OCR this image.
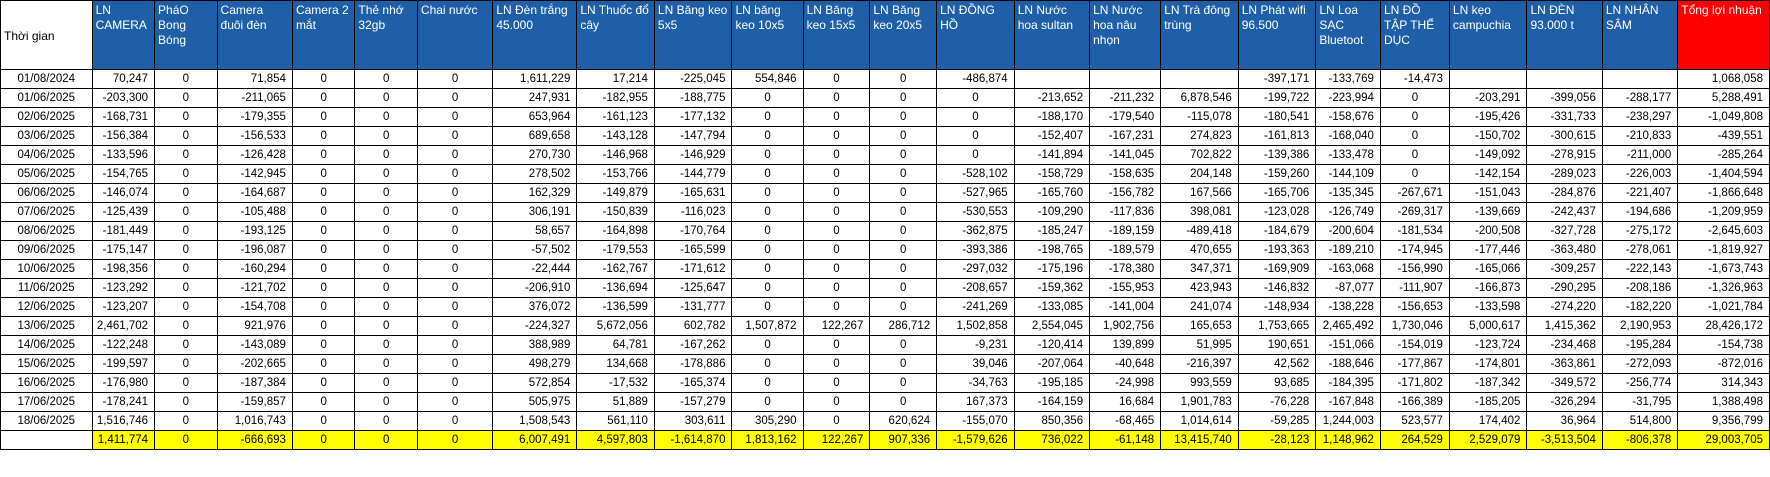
Thời gian	LN CAMERA	PháO Bong Bóng	Camera đuôi đèn	Camera 2 mắt	Thẻ nhớ 32gb	Chai nước	LN Đèn trắng 45.000	LN Thuốc đổ cây	LN Băng keo 5x5	LN băng keo 10x5	LN Băng keo 15x5	LN Băng keo 20x5	LN ĐỒNG HỒ	LN Nước hoa sultan	LN Nước hoa nâu nhọn	LN Trà đông trùng	LN Phát wifi 96.500	LN Loa SẠC Bluetoot	LN ĐỒ TẬP THỂ DỤC	LN kẹo campuchia	LN ĐÈN 93.000 t	LN NHÂN SÂM	Tổng lợi nhuận
01/08/2024	70,247	0	71,854	0	0	0	1,611,229	17,214	-225,045	554,846	0	0	-486,874				-397,171	-133,769	-14,473				1,068,058
01/06/2025	-203,300	0	-211,065	0	0	0	247,931	-182,955	-188,775	0	0	0	0	-213,652	-211,232	6,878,546	-199,722	-223,994	0	-203,291	-399,056	-288,177	5,288,491
02/06/2025	-168,731	0	-179,355	0	0	0	653,964	-161,123	-177,132	0	0	0	0	-188,170	-179,540	-115,078	-180,541	-158,676	0	-195,426	-331,733	-238,297	-1,049,808
03/06/2025	-156,384	0	-156,533	0	0	0	689,658	-143,128	-147,794	0	0	0	0	-152,407	-167,231	274,823	-161,813	-168,040	0	-150,702	-300,615	-210,833	-439,551
04/06/2025	-133,596	0	-126,428	0	0	0	270,730	-146,968	-146,929	0	0	0	0	-141,894	-141,045	702,822	-139,386	-133,478	0	-149,092	-278,915	-211,000	-285,264
05/06/2025	-154,765	0	-142,945	0	0	0	278,502	-153,766	-144,779	0	0	0	-528,102	-158,729	-158,635	204,148	-159,260	-144,109	0	-142,154	-289,023	-226,003	-1,404,594
06/06/2025	-146,074	0	-164,687	0	0	0	162,329	-149,879	-165,631	0	0	0	-527,965	-165,760	-156,782	167,566	-165,706	-135,345	-267,671	-151,043	-284,876	-221,407	-1,866,648
07/06/2025	-125,439	0	-105,488	0	0	0	306,191	-150,839	-116,023	0	0	0	-530,553	-109,290	-117,836	398,081	-123,028	-126,749	-269,317	-139,669	-242,437	-194,686	-1,209,959
08/06/2025	-181,449	0	-193,125	0	0	0	58,657	-164,898	-170,764	0	0	0	-362,875	-185,247	-189,159	-489,418	-184,679	-200,604	-181,534	-200,508	-327,728	-275,172	-2,645,603
09/06/2025	-175,147	0	-196,087	0	0	0	-57,502	-179,553	-165,599	0	0	0	-393,386	-198,765	-189,579	470,655	-193,363	-189,210	-174,945	-177,446	-363,480	-278,061	-1,819,927
10/06/2025	-198,356	0	-160,294	0	0	0	-22,444	-162,767	-171,612	0	0	0	-297,032	-175,196	-178,380	347,371	-169,909	-163,068	-156,990	-165,066	-309,257	-222,143	-1,673,743
11/06/2025	-123,292	0	-121,702	0	0	0	-206,910	-136,694	-125,647	0	0	0	-208,657	-159,362	-155,953	423,943	-146,832	-87,077	-111,907	-166,873	-290,295	-208,186	-1,326,963
12/06/2025	-123,207	0	-154,708	0	0	0	376,072	-136,599	-131,777	0	0	0	-241,269	-133,085	-141,004	241,074	-148,934	-138,228	-156,653	-133,598	-274,220	-182,220	-1,021,784
13/06/2025	2,461,702	0	921,976	0	0	0	-224,327	5,672,056	602,782	1,507,872	122,267	286,712	1,502,858	2,554,045	1,902,756	165,653	1,753,665	2,465,492	1,730,046	5,000,617	1,415,362	2,190,953	28,426,172
14/06/2025	-122,248	0	-143,089	0	0	0	388,989	64,781	-167,262	0	0	0	-9,231	-120,414	139,899	51,995	190,651	-151,066	-154,019	-123,724	-234,468	-195,284	-154,738
15/06/2025	-199,597	0	-202,665	0	0	0	498,279	134,668	-178,886	0	0	0	39,046	-207,064	-40,648	-216,397	42,562	-188,646	-177,867	-174,801	-363,861	-272,093	-872,016
16/06/2025	-176,980	0	-187,384	0	0	0	572,854	-17,532	-165,374	0	0	0	-34,763	-195,185	-24,998	993,559	93,685	-184,395	-171,802	-187,342	-349,572	-256,774	314,343
17/06/2025	-178,241	0	-159,857	0	0	0	505,975	51,889	-157,279	0	0	0	167,373	-164,159	16,684	1,901,783	-76,228	-167,848	-166,389	-185,205	-326,294	-31,795	1,388,498
18/06/2025	1,516,746	0	1,016,743	0	0	0	1,508,543	561,110	303,611	305,290	0	620,624	-155,070	850,356	-68,465	1,014,614	-59,285	1,244,003	523,577	174,402	36,964	514,800	9,356,799
	1,411,774	0	-666,693	0	0	0	6,007,491	4,597,803	-1,614,870	1,813,162	122,267	907,336	-1,579,626	736,022	-61,148	13,415,740	-28,123	1,148,962	264,529	2,529,079	-3,513,504	-806,378	29,003,705
